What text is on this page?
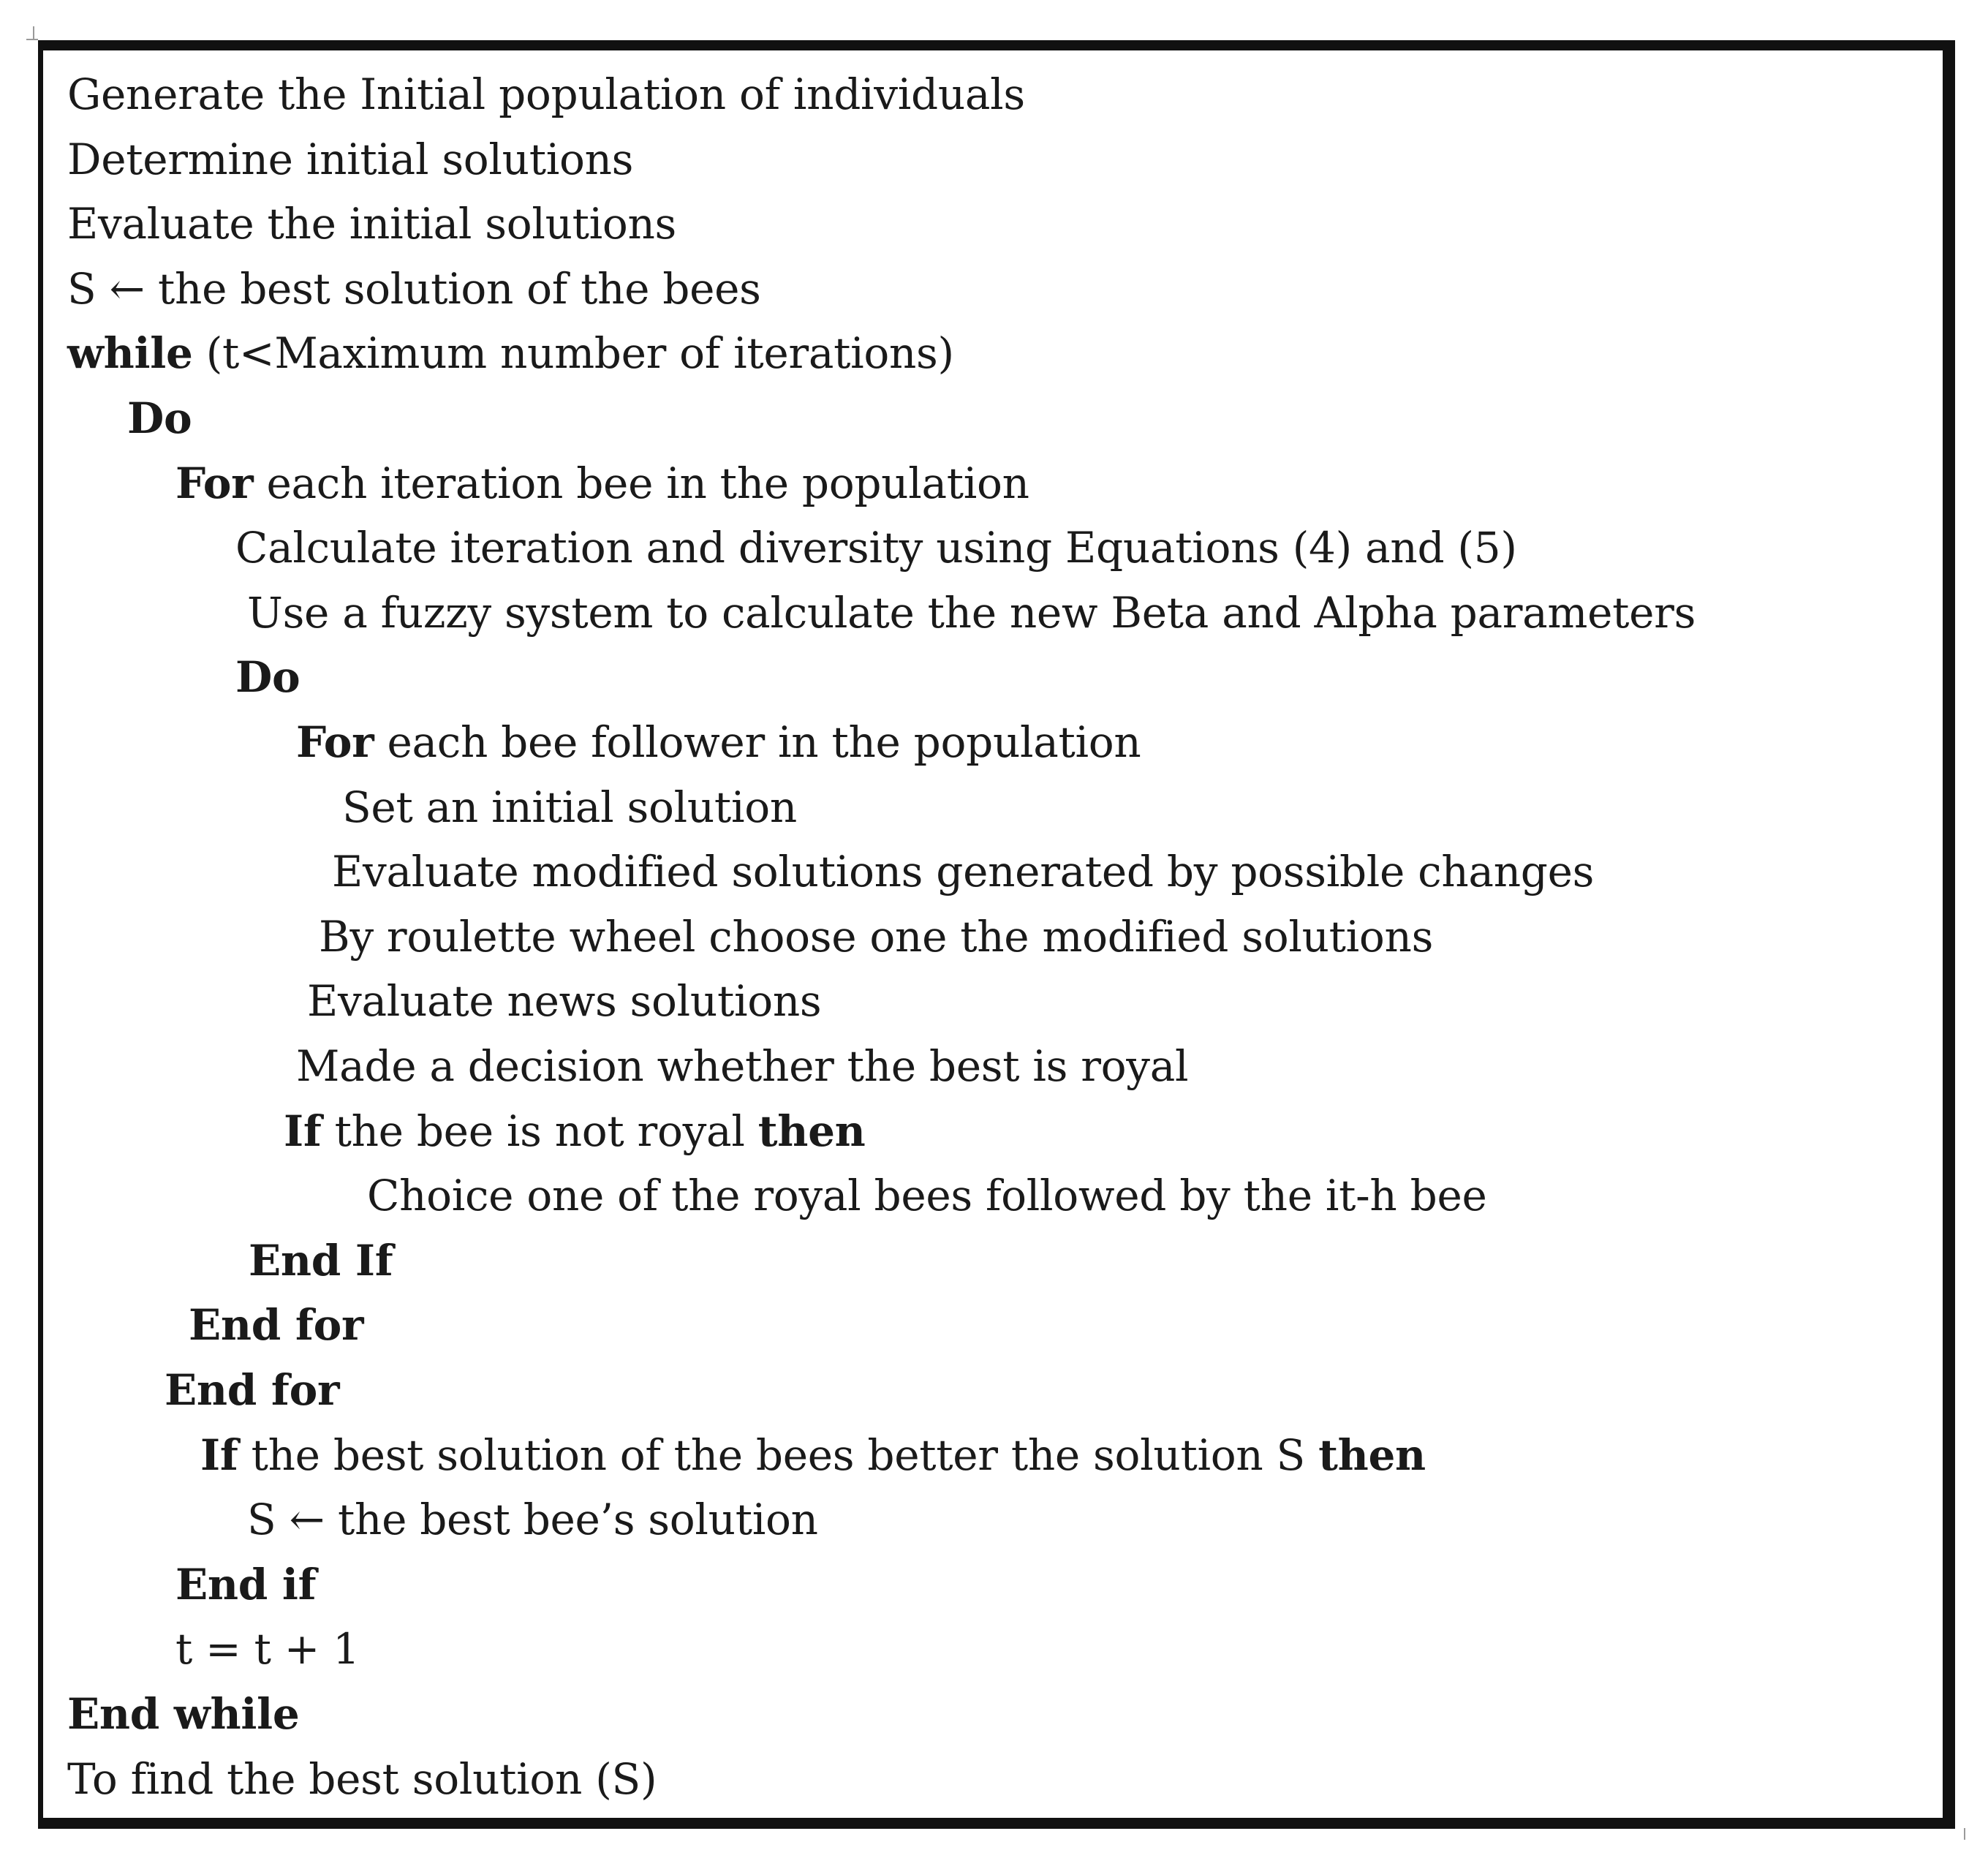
Generate the Initial population of individuals
Determine initial solutions
Evaluate the initial solutions
S ← the best solution of the bees
while (t<Maximum number of iterations)
Do
For each iteration bee in the population
Calculate iteration and diversity using Equations (4) and (5)
Use a fuzzy system to calculate the new Beta and Alpha parameters
Do
For each bee follower in the population
Set an initial solution
Evaluate modified solutions generated by possible changes
By roulette wheel choose one the modified solutions
Evaluate news solutions
Made a decision whether the best is royal
If the bee is not royal then
Choice one of the royal bees followed by the it-h bee
End If
End for
End for
If the best solution of the bees better the solution S then
S ← the best bee’s solution
End if
t = t + 1
End while
To find the best solution (S)
